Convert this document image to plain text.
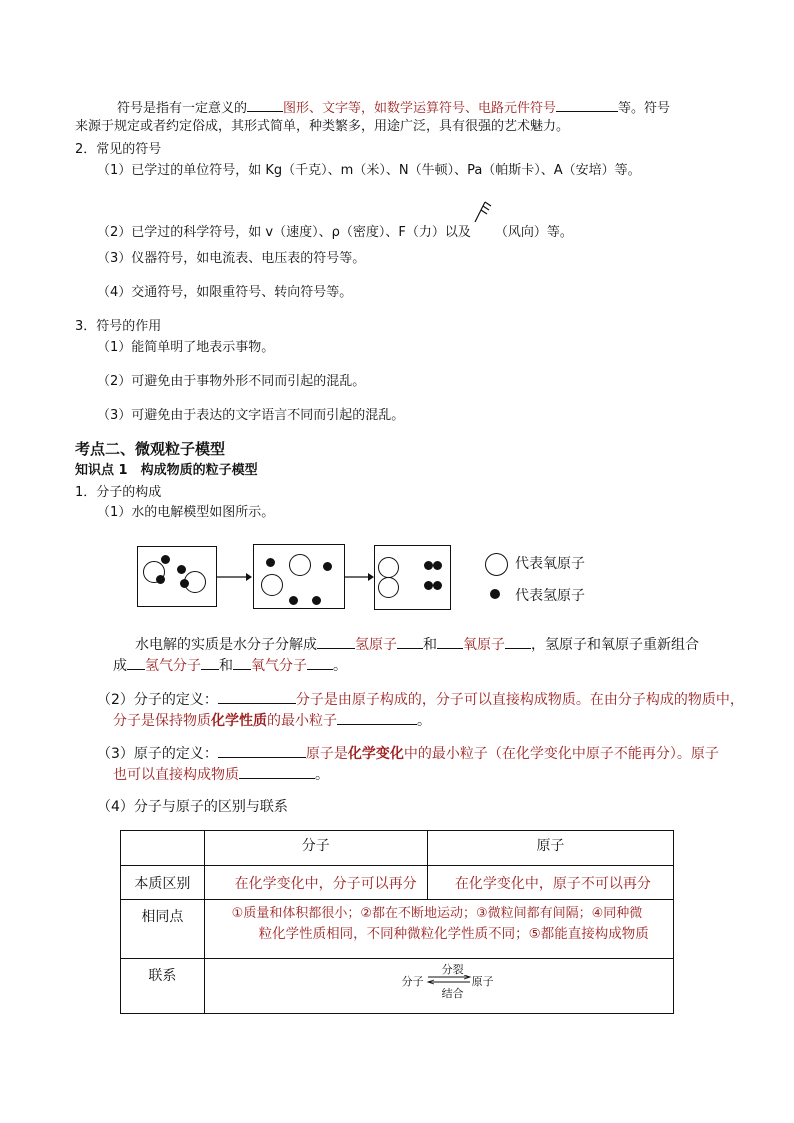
符号是指有一定意义的	图形、文字等，如数学运算符号、电路元件符号	等。符号
来源于规定或者约定俗成，其形式简单，种类繁多，用途广泛，具有很强的艺术魅力。
2．常见的符号
（1）已学过的单位符号，如 Kg（千克）、m（米）、N（牛顿）、Pa（帕斯卡）、A（安培）等。
（2）已学过的科学符号，如 v（速度）、ρ（密度）、F（力）以及 （风向）等。
（3）仪器符号，如电流表、电压表的符号等。
（4）交通符号，如限重符号、转向符号等。
3．符号的作用
（1）能简单明了地表示事物。
（2）可避免由于事物外形不同而引起的混乱。
（3）可避免由于表达的文字语言不同而引起的混乱。
考点二、微观粒子模型
知识点 1　构成物质的粒子模型
1．分子的构成
（1）水的电解模型如图所示。
代表氧原子
代表氢原子
水电解的实质是水分子分解成	氢原子 和 氧原子 ，氢原子和氧原子重新组合
成 氢气分子 和 氧气分子 。
（2）分子的定义：	分子是由原子构成的，分子可以直接构成物质。在由分子构成的物质中，
分子是保持物质化学性质的最小粒子	。
（3）原子的定义：	原子是化学变化中的最小粒子（在化学变化中原子不能再分）。原子
也可以直接构成物质	。
（4）分子与原子的区别与联系
	分子	原子
本质区别	在化学变化中，分子可以再分	在化学变化中，原子不可以再分
相同点	①质量和体积都很小；②都在不断地运动；③微粒间都有间隔；④同种微
粒化学性质相同，不同种微粒化学性质不同；⑤都能直接构成物质	

联系	分子
分裂
原子
结合	
